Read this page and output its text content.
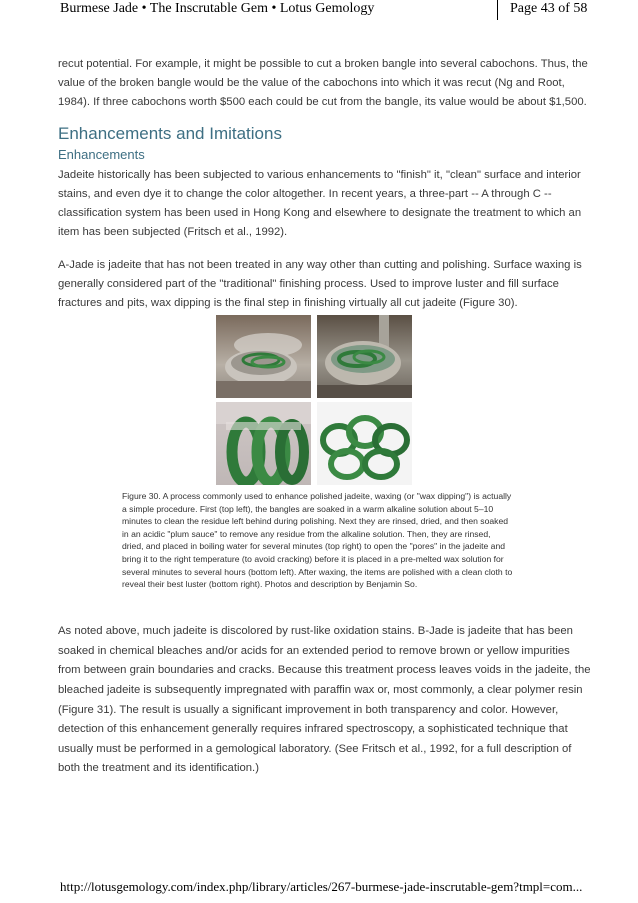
Burmese Jade • The Inscrutable Gem • Lotus Gemology	Page 43 of 58

recut potential. For example, it might be possible to cut a broken bangle into several cabochons. Thus, the value of the broken bangle would be the value of the cabochons into which it was recut (Ng and Root, 1984). If three cabochons worth $500 each could be cut from the bangle, its value would be about $1,500.

Enhancements and Imitations
Enhancements

Jadeite historically has been subjected to various enhancements to "finish" it, "clean" surface and interior stains, and even dye it to change the color altogether. In recent years, a three-part -- A through C -- classification system has been used in Hong Kong and elsewhere to designate the treatment to which an item has been subjected (Fritsch et al., 1992).

A-Jade is jadeite that has not been treated in any way other than cutting and polishing. Surface waxing is generally considered part of the "traditional" finishing process. Used to improve luster and fill surface fractures and pits, wax dipping is the final step in finishing virtually all cut jadeite (Figure 30).

Figure 30. A process commonly used to enhance polished jadeite, waxing (or "wax dipping") is actually a simple procedure. First (top left), the bangles are soaked in a warm alkaline solution about 5–10 minutes to clean the residue left behind during polishing. Next they are rinsed, dried, and then soaked in an acidic "plum sauce" to remove any residue from the alkaline solution. Then, they are rinsed, dried, and placed in boiling water for several minutes (top right) to open the "pores" in the jadeite and bring it to the right temperature (to avoid cracking) before it is placed in a pre-melted wax solution for several minutes to several hours (bottom left). After waxing, the items are polished with a clean cloth to reveal their best luster (bottom right). Photos and description by Benjamin So.

As noted above, much jadeite is discolored by rust-like oxidation stains. B-Jade is jadeite that has been soaked in chemical bleaches and/or acids for an extended period to remove brown or yellow impurities from between grain boundaries and cracks. Because this treatment process leaves voids in the jadeite, the bleached jadeite is subsequently impregnated with paraffin wax or, most commonly, a clear polymer resin (Figure 31). The result is usually a significant improvement in both transparency and color. However, detection of this enhancement generally requires infrared spectroscopy, a sophisticated technique that usually must be performed in a gemological laboratory. (See Fritsch et al., 1992, for a full description of both the treatment and its identification.)

http://lotusgemology.com/index.php/library/articles/267-burmese-jade-inscrutable-gem?tmpl=com...
